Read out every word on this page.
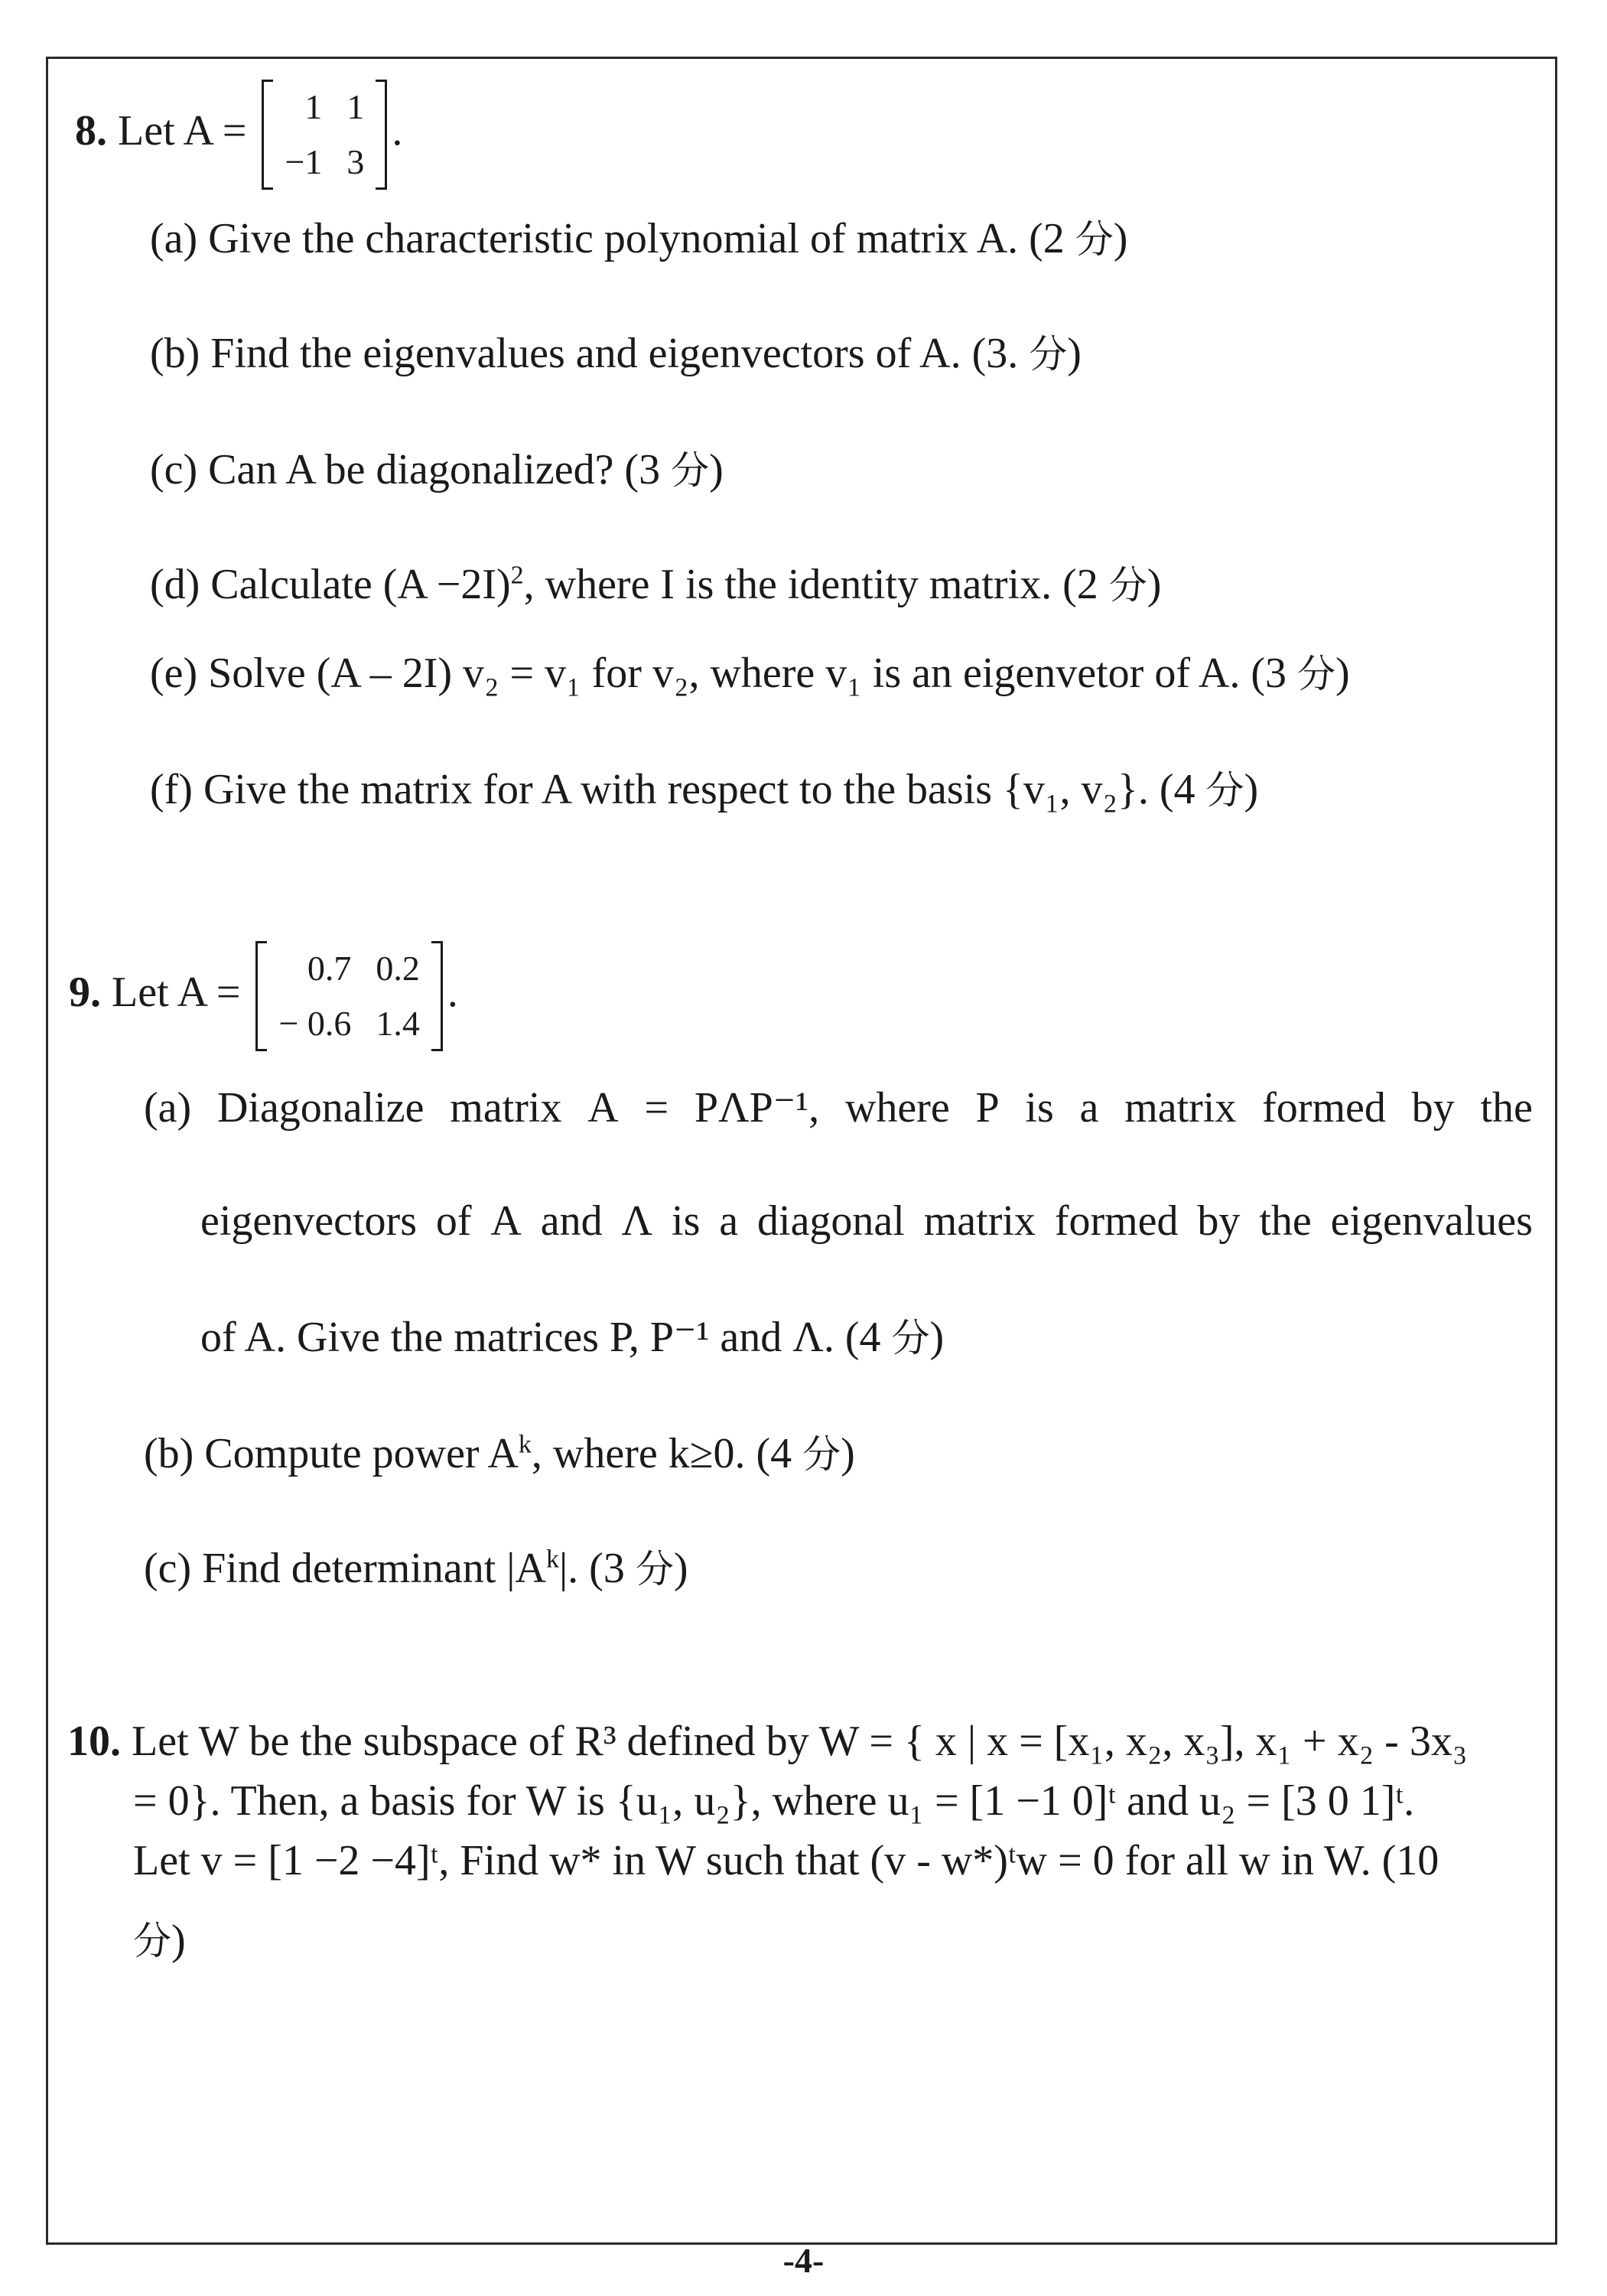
8. Let A =
1	1
−1	3
.
(a) Give the characteristic polynomial of matrix A. (2 分)
(b) Find the eigenvalues and eigenvectors of A. (3. 分)
(c) Can A be diagonalized? (3 分)
(d) Calculate $(A -2I)^2$, where I is the identity matrix. (2 分)
(e) Solve (A – 2I) v₂ = v₁ for v₂, where v₁ is an eigenvetor of A. (3 分)
(f) Give the matrix for A with respect to the basis {v₁, v₂}. (4 分)
9. Let A =
0.7	0.2
− 0.6	1.4
.
(a) Diagonalize matrix A = PΛP⁻¹, where P is a matrix formed by the
eigenvectors of A and Λ is a diagonal matrix formed by the eigenvalues
of A. Give the matrices P, P⁻¹ and Λ. (4 分)
(b) Compute power $A^k$, where k≥0. (4 分)
(c) Find determinant $|A^k|$. (3 分)
10. Let W be the subspace of R³ defined by W = { x | x = [x₁, x₂, x₃], x₁ + x₂ - 3x₃
= 0}. Then, a basis for W is {u₁, u₂}, where u₁ = [1 −1 0]ᵗ and u₂ = [3 0 1]ᵗ.
Let v = [1 −2 −4]ᵗ, Find w* in W such that (v - w*)ᵗw = 0 for all w in W. (10
分)
-4-
